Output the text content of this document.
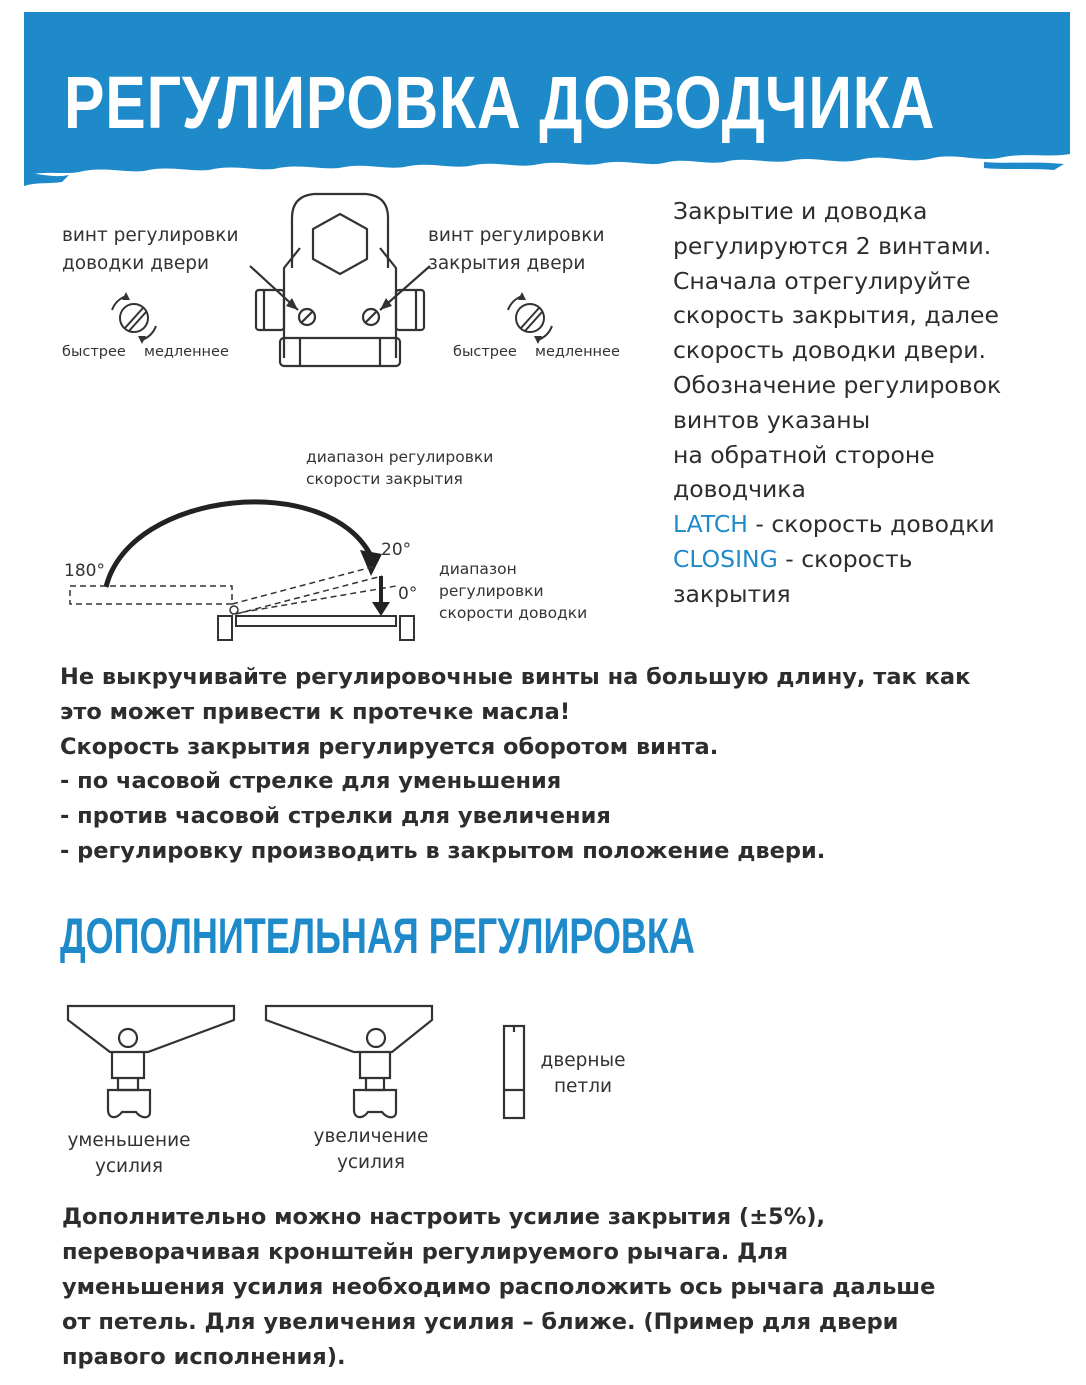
РЕГУЛИРОВКА ДОВОДЧИКА
винт регулировки
доводки двери
винт регулировки
закрытия двери
быстрее медленнее	быстрее медленнее
диапазон регулировки
скорости закрытия
180°
20°
0°
диапазон
регулировки
скорости доводки

Закрытие и доводка

регулируются 2 винтами.

Сначала отрегулируйте

скорость закрытия, далее

скорость доводки двери.

Обозначение регулировок

винтов указаны

на обратной стороне

доводчика

LATCH - скорость доводки

CLOSING - скорость

закрытия

Не выкручивайте регулировочные винты на большую длину, так как

это может привести к протечке масла!

Скорость закрытия регулируется оборотом винта.

- по часовой стрелке для уменьшения

- против часовой стрелки для увеличения

- регулировку производить в закрытом положение двери.

ДОПОЛНИТЕЛЬНАЯ РЕГУЛИРОВКА
уменьшение
усилия
увеличение
усилия
дверные
петли

Дополнительно можно настроить усилие закрытия (±5%),

переворачивая кронштейн регулируемого рычага. Для

уменьшения усилия необходимо расположить ось рычага дальше

от петель. Для увеличения усилия – ближе. (Пример для двери

правого исполнения).
